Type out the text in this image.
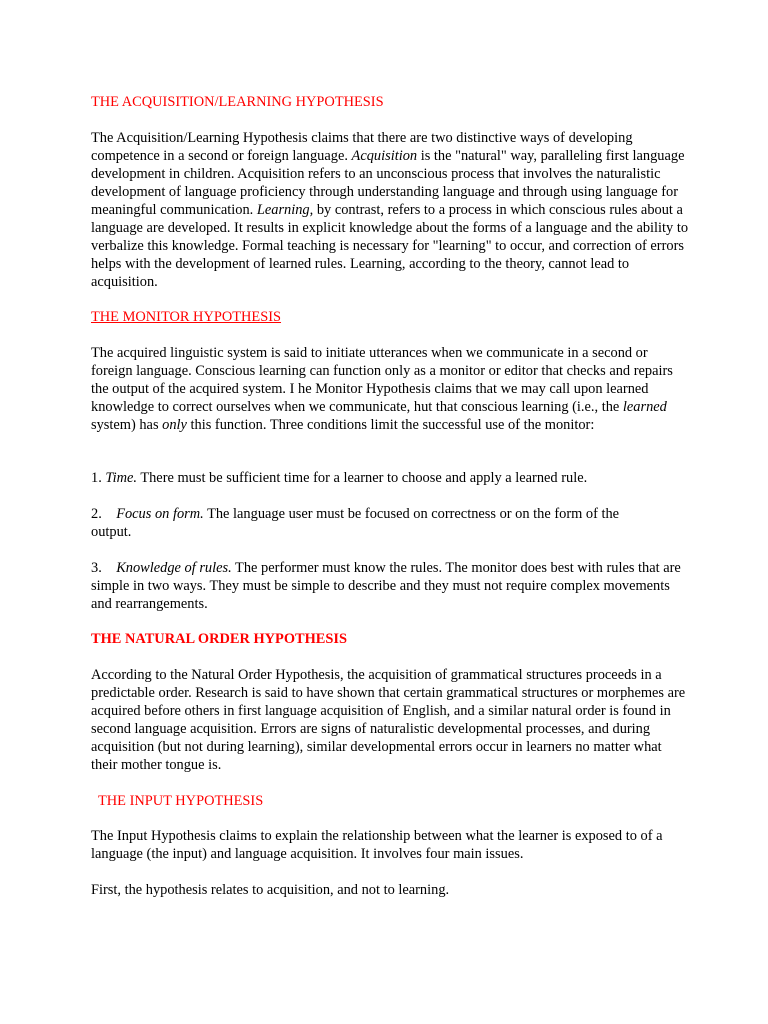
THE ACQUISITION/LEARNING HYPOTHESIS

The Acquisition/Learning Hypothesis claims that there are two distinctive ways of developing competence in a second or foreign language. Acquisition is the "natural" way, paralleling first language development in children. Acquisition refers to an unconscious process that involves the naturalistic development of language proficiency through understanding language and through using language for meaningful communication. Learning, by contrast, refers to a process in which conscious rules about a language are developed. It results in explicit knowledge about the forms of a language and the ability to verbalize this knowledge. Formal teaching is necessary for "learning" to occur, and correction of errors helps with the development of learned rules. Learning, according to the theory, cannot lead to acquisition.

THE MONITOR HYPOTHESIS

The acquired linguistic system is said to initiate utterances when we communicate in a second or foreign language. Conscious learning can function only as a monitor or editor that checks and repairs the output of the acquired system. I he Monitor Hypothesis claims that we may call upon learned knowledge to correct ourselves when we communicate, hut that conscious learning (i.e., the learned system) has only this function. Three conditions limit the successful use of the monitor:

1. Time. There must be sufficient time for a learner to choose and apply a learned rule.

2. Focus on form. The language user must be focused on correctness or on the form of the output.

3. Knowledge of rules. The performer must know the rules. The monitor does best with rules that are simple in two ways. They must be simple to describe and they must not require complex movements and rearrangements.

THE NATURAL ORDER HYPOTHESIS

According to the Natural Order Hypothesis, the acquisition of grammatical structures proceeds in a predictable order. Research is said to have shown that certain grammatical structures or morphemes are acquired before others in first language acquisition of English, and a similar natural order is found in second language acquisition. Errors are signs of naturalistic developmental processes, and during acquisition (but not during learning), similar developmental errors occur in learners no matter what their mother tongue is.

THE INPUT HYPOTHESIS

The Input Hypothesis claims to explain the relationship between what the learner is exposed to of a language (the input) and language acquisition. It involves four main issues.

First, the hypothesis relates to acquisition, and not to learning.
